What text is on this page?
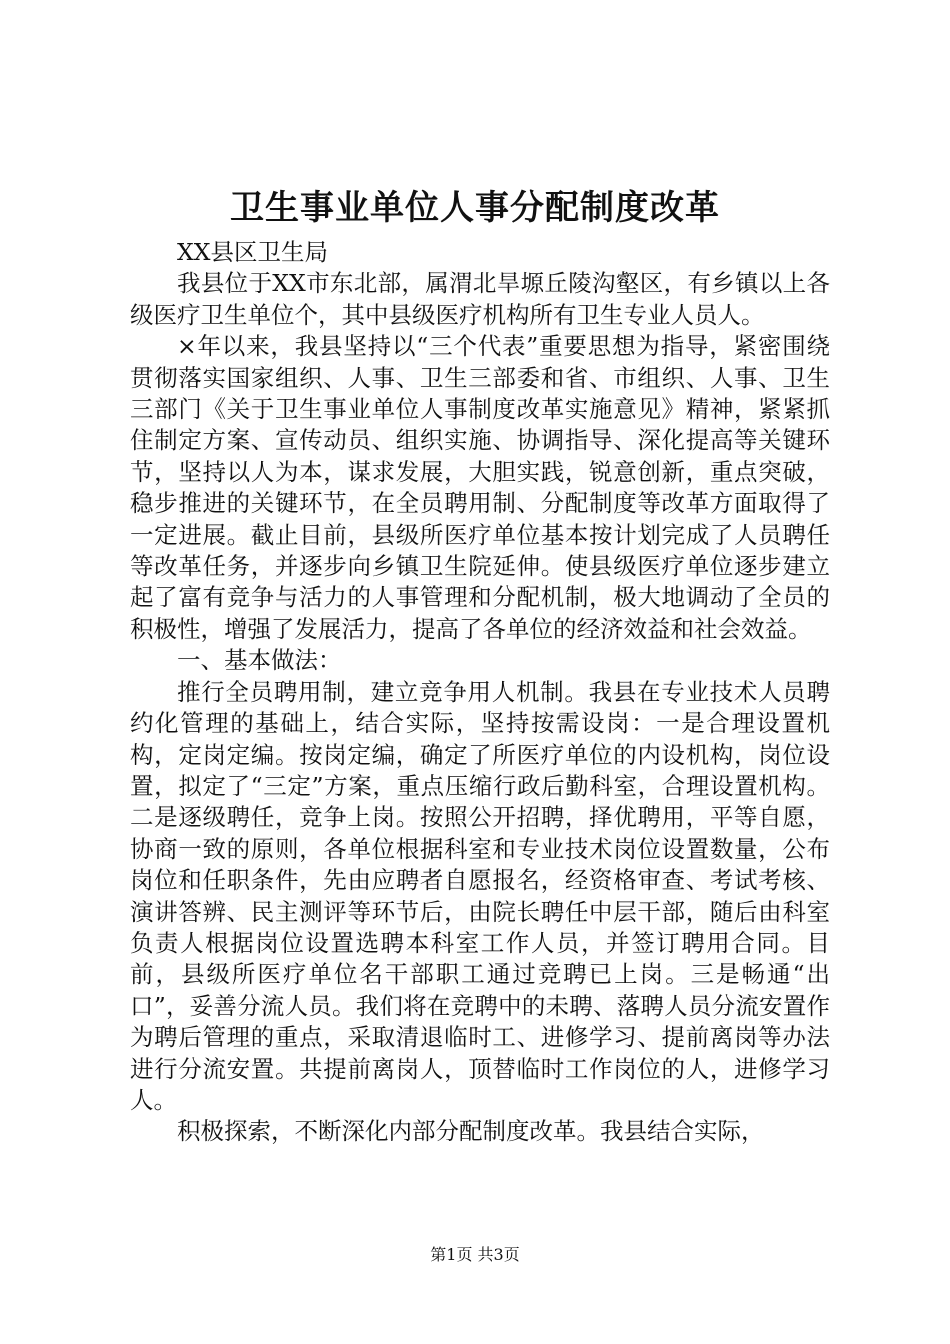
卫生事业单位人事分配制度改革

XX县区卫生局

我县位于XX市东北部，属渭北旱塬丘陵沟壑区，有乡镇以上各级医疗卫生单位个，其中县级医疗机构所有卫生专业人员人。

×年以来，我县坚持以“三个代表”重要思想为指导，紧密围绕贯彻落实国家组织、人事、卫生三部委和省、市组织、人事、卫生三部门《关于卫生事业单位人事制度改革实施意见》精神，紧紧抓住制定方案、宣传动员、组织实施、协调指导、深化提高等关键环节，坚持以人为本，谋求发展，大胆实践，锐意创新，重点突破，稳步推进的关键环节，在全员聘用制、分配制度等改革方面取得了一定进展。截止目前，县级所医疗单位基本按计划完成了人员聘任等改革任务，并逐步向乡镇卫生院延伸。使县级医疗单位逐步建立起了富有竞争与活力的人事管理和分配机制，极大地调动了全员的积极性，增强了发展活力，提高了各单位的经济效益和社会效益。

一、基本做法：

推行全员聘用制，建立竞争用人机制。我县在专业技术人员聘约化管理的基础上，结合实际，坚持按需设岗：一是合理设置机构，定岗定编。按岗定编，确定了所医疗单位的内设机构，岗位设置，拟定了“三定”方案，重点压缩行政后勤科室，合理设置机构。二是逐级聘任，竞争上岗。按照公开招聘，择优聘用，平等自愿，协商一致的原则，各单位根据科室和专业技术岗位设置数量，公布岗位和任职条件，先由应聘者自愿报名，经资格审查、考试考核、演讲答辨、民主测评等环节后，由院长聘任中层干部，随后由科室负责人根据岗位设置选聘本科室工作人员，并签订聘用合同。目前，县级所医疗单位名干部职工通过竞聘已上岗。三是畅通“出口”，妥善分流人员。我们将在竞聘中的未聘、落聘人员分流安置作为聘后管理的重点，采取清退临时工、进修学习、提前离岗等办法进行分流安置。共提前离岗人，顶替临时工作岗位的人，进修学习人。

积极探索，不断深化内部分配制度改革。我县结合实际，

第1页 共3页
